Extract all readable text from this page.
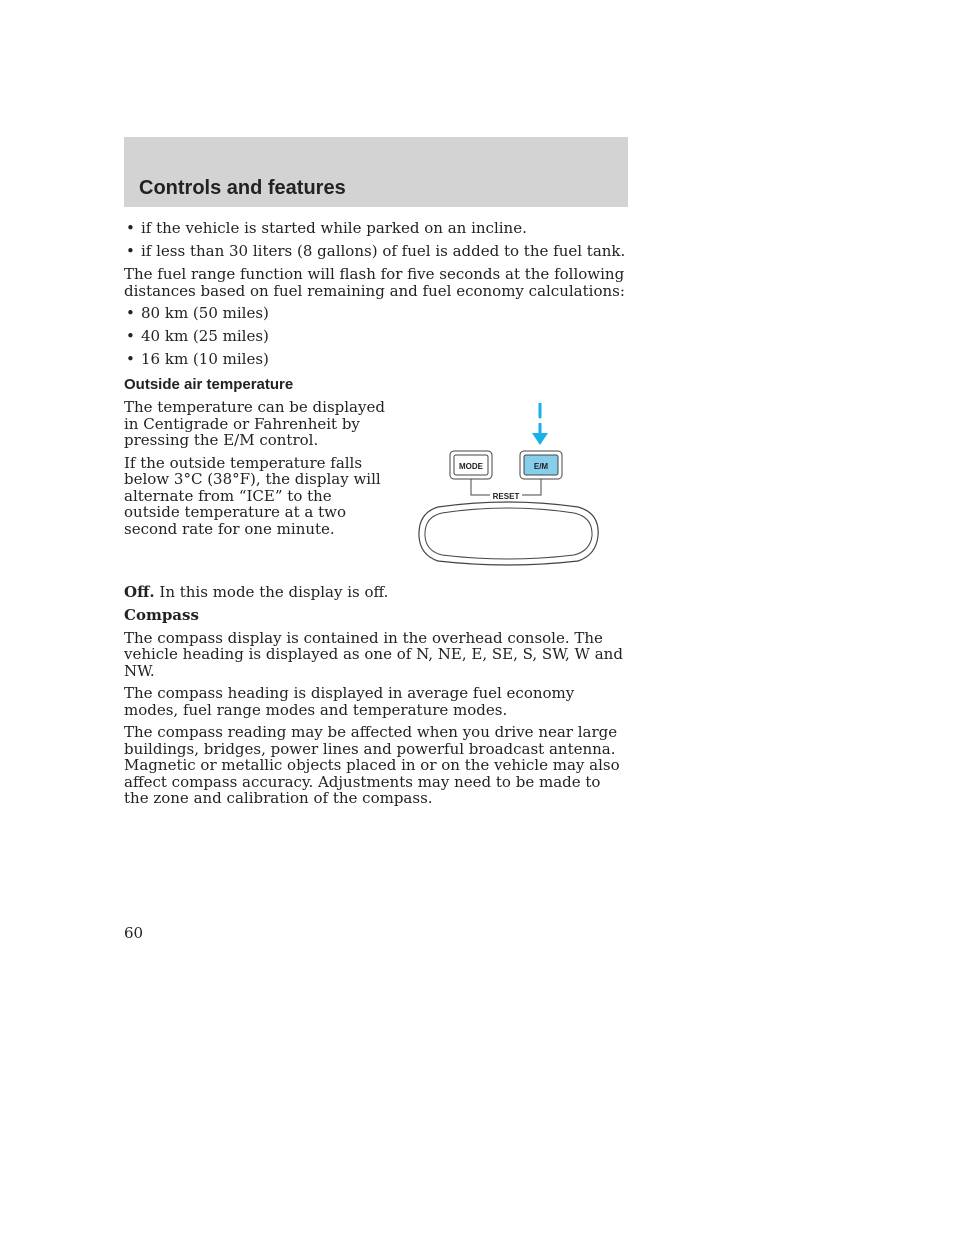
Controls and features
• if the vehicle is started while parked on an incline.
• if less than 30 liters (8 gallons) of fuel is added to the fuel tank.

The fuel range function will flash for five seconds at the following distances based on fuel remaining and fuel economy calculations:

• 80 km (50 miles)
• 40 km (25 miles)
• 16 km (10 miles)
Outside air temperature

The temperature can be displayed in Centigrade or Fahrenheit by pressing the E/M control.

If the outside temperature falls below 3°C (38°F), the display will alternate from “ICE” to the outside temperature at a two second rate for one minute.

MODE	E/M
RESET

Off. In this mode the display is off.

Compass

The compass display is contained in the overhead console. The vehicle heading is displayed as one of N, NE, E, SE, S, SW, W and NW.

The compass heading is displayed in average fuel economy modes, fuel range modes and temperature modes.

The compass reading may be affected when you drive near large buildings, bridges, power lines and powerful broadcast antenna. Magnetic or metallic objects placed in or on the vehicle may also affect compass accuracy. Adjustments may need to be made to the zone and calibration of the compass.

60
